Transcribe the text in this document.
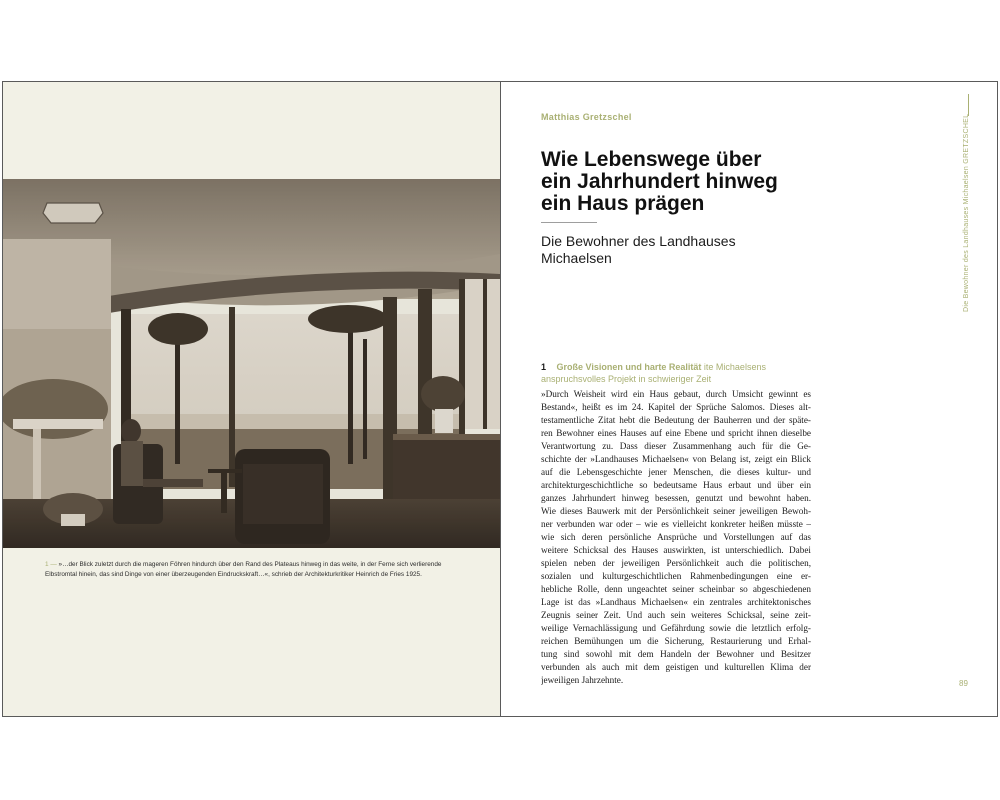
1 — »…der Blick zuletzt durch die mageren Föhren hindurch über den Rand des Plateaus hinweg in das weite, in der Ferne sich verlierende Elbstromtal hinein, das sind Dinge von einer überzeugenden Eindruckskraft…«, schrieb der Architekturkritiker Heinrich de Fries 1925.
Matthias Gretzschel
Wie Lebenswege über
ein Jahrhundert hinweg
ein Haus prägen
Die Bewohner des Landhauses Michaelsen
1 Große Visionen und harte Realität ite Michaelsens anspruchsvolles Projekt in schwieriger Zeit
»Durch Weisheit wird ein Haus gebaut, durch Umsicht gewinnt es
Bestand«, heißt es im 24. Kapitel der Sprüche Salomos. Dieses alt-
testamentliche Zitat hebt die Bedeutung der Bauherren und der späte-
ren Bewohner eines Hauses auf eine Ebene und spricht ihnen dieselbe
Verantwortung zu. Dass dieser Zusammenhang auch für die Ge-
schichte der »Landhauses Michaelsen« von Belang ist, zeigt ein Blick
auf die Lebensgeschichte jener Menschen, die dieses kultur- und
architekturgeschichtliche so bedeutsame Haus erbaut und über ein
ganzes Jahrhundert hinweg besessen, genutzt und bewohnt haben.
Wie dieses Bauwerk mit der Persönlichkeit seiner jeweiligen Bewoh-
ner verbunden war oder – wie es vielleicht konkreter heißen müsste –
wie sich deren persönliche Ansprüche und Vorstellungen auf das
weitere Schicksal des Hauses auswirkten, ist unterschiedlich. Dabei
spielen neben der jeweiligen Persönlichkeit auch die politischen,
sozialen und kulturgeschichtlichen Rahmenbedingungen eine er-
hebliche Rolle, denn ungeachtet seiner scheinbar so abgeschiedenen
Lage ist das »Landhaus Michaelsen« ein zentrales architektonisches
Zeugnis seiner Zeit. Und auch sein weiteres Schicksal, seine zeit-
weilige Vernachlässigung und Gefährdung sowie die letztlich erfolg-
reichen Bemühungen um die Sicherung, Restaurierung und Erhal-
tung sind sowohl mit dem Handeln der Bewohner und Besitzer
verbunden als auch mit dem geistigen und kulturellen Klima der
jeweiligen Jahrzehnte.
Die Bewohner des Landhauses Michaelsen GRETZSCHEL
89
